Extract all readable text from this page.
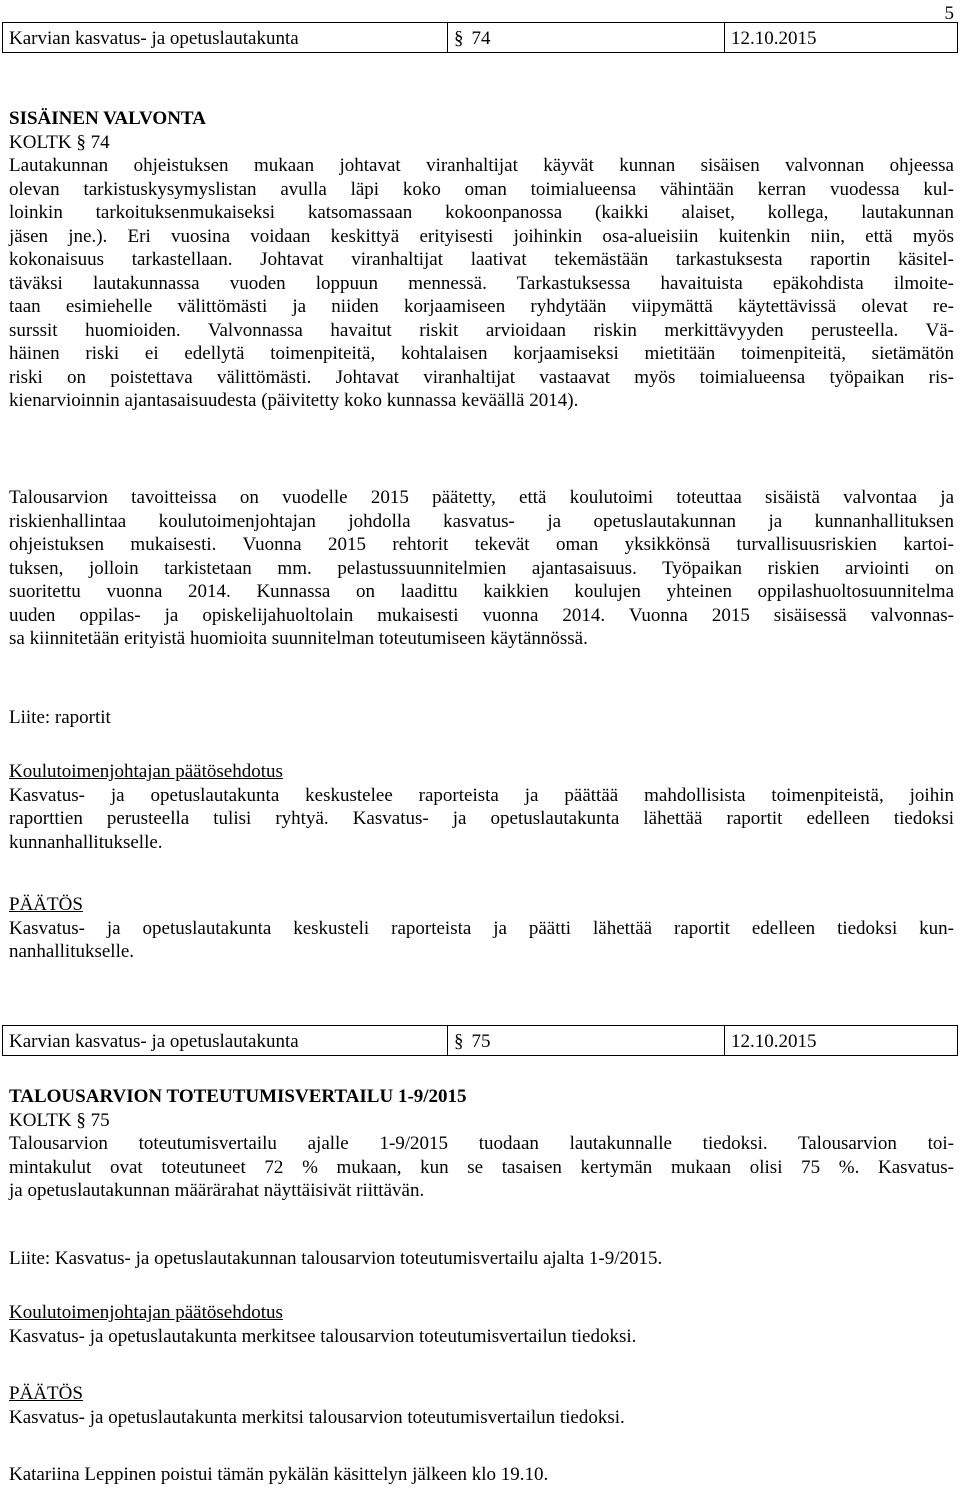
5
Karvian kasvatus- ja opetuslautakunta	§ 74	12.10.2015
SISÄINEN VALVONTA
KOLTK § 74
Lautakunnan ohjeistuksen mukaan johtavat viranhaltijat käyvät kunnan sisäisen valvonnan ohjeessa
olevan tarkistuskysymyslistan avulla läpi koko oman toimialueensa vähintään kerran vuodessa kul-
loinkin tarkoituksenmukaiseksi katsomassaan kokoonpanossa (kaikki alaiset, kollega, lautakunnan
jäsen jne.). Eri vuosina voidaan keskittyä erityisesti joihinkin osa-alueisiin kuitenkin niin, että myös
kokonaisuus tarkastellaan. Johtavat viranhaltijat laativat tekemästään tarkastuksesta raportin käsitel-
täväksi lautakunnassa vuoden loppuun mennessä. Tarkastuksessa havaituista epäkohdista ilmoite-
taan esimiehelle välittömästi ja niiden korjaamiseen ryhdytään viipymättä käytettävissä olevat re-
surssit huomioiden. Valvonnassa havaitut riskit arvioidaan riskin merkittävyyden perusteella. Vä-
häinen riski ei edellytä toimenpiteitä, kohtalaisen korjaamiseksi mietitään toimenpiteitä, sietämätön
riski on poistettava välittömästi. Johtavat viranhaltijat vastaavat myös toimialueensa työpaikan ris-
kienarvioinnin ajantasaisuudesta (päivitetty koko kunnassa keväällä 2014).
Talousarvion tavoitteissa on vuodelle 2015 päätetty, että koulutoimi toteuttaa sisäistä valvontaa ja
riskienhallintaa koulutoimenjohtajan johdolla kasvatus- ja opetuslautakunnan ja kunnanhallituksen
ohjeistuksen mukaisesti. Vuonna 2015 rehtorit tekevät oman yksikkönsä turvallisuusriskien kartoi-
tuksen, jolloin tarkistetaan mm. pelastussuunnitelmien ajantasaisuus. Työpaikan riskien arviointi on
suoritettu vuonna 2014. Kunnassa on laadittu kaikkien koulujen yhteinen oppilashuoltosuunnitelma
uuden oppilas- ja opiskelijahuoltolain mukaisesti vuonna 2014. Vuonna 2015 sisäisessä valvonnas-
sa kiinnitetään erityistä huomioita suunnitelman toteutumiseen käytännössä.
Liite: raportit
Koulutoimenjohtajan päätösehdotus
Kasvatus- ja opetuslautakunta keskustelee raporteista ja päättää mahdollisista toimenpiteistä, joihin
raporttien perusteella tulisi ryhtyä. Kasvatus- ja opetuslautakunta lähettää raportit edelleen tiedoksi
kunnanhallitukselle.
PÄÄTÖS
Kasvatus- ja opetuslautakunta keskusteli raporteista ja päätti lähettää raportit edelleen tiedoksi kun-
nanhallitukselle.
Karvian kasvatus- ja opetuslautakunta	§ 75	12.10.2015
TALOUSARVION TOTEUTUMISVERTAILU 1-9/2015
KOLTK § 75
Talousarvion toteutumisvertailu ajalle 1-9/2015 tuodaan lautakunnalle tiedoksi. Talousarvion toi-
mintakulut ovat toteutuneet 72 % mukaan, kun se tasaisen kertymän mukaan olisi 75 %. Kasvatus-
ja opetuslautakunnan määrärahat näyttäisivät riittävän.
Liite: Kasvatus- ja opetuslautakunnan talousarvion toteutumisvertailu ajalta 1-9/2015.
Koulutoimenjohtajan päätösehdotus
Kasvatus- ja opetuslautakunta merkitsee talousarvion toteutumisvertailun tiedoksi.
PÄÄTÖS
Kasvatus- ja opetuslautakunta merkitsi talousarvion toteutumisvertailun tiedoksi.
Katariina Leppinen poistui tämän pykälän käsittelyn jälkeen klo 19.10.
